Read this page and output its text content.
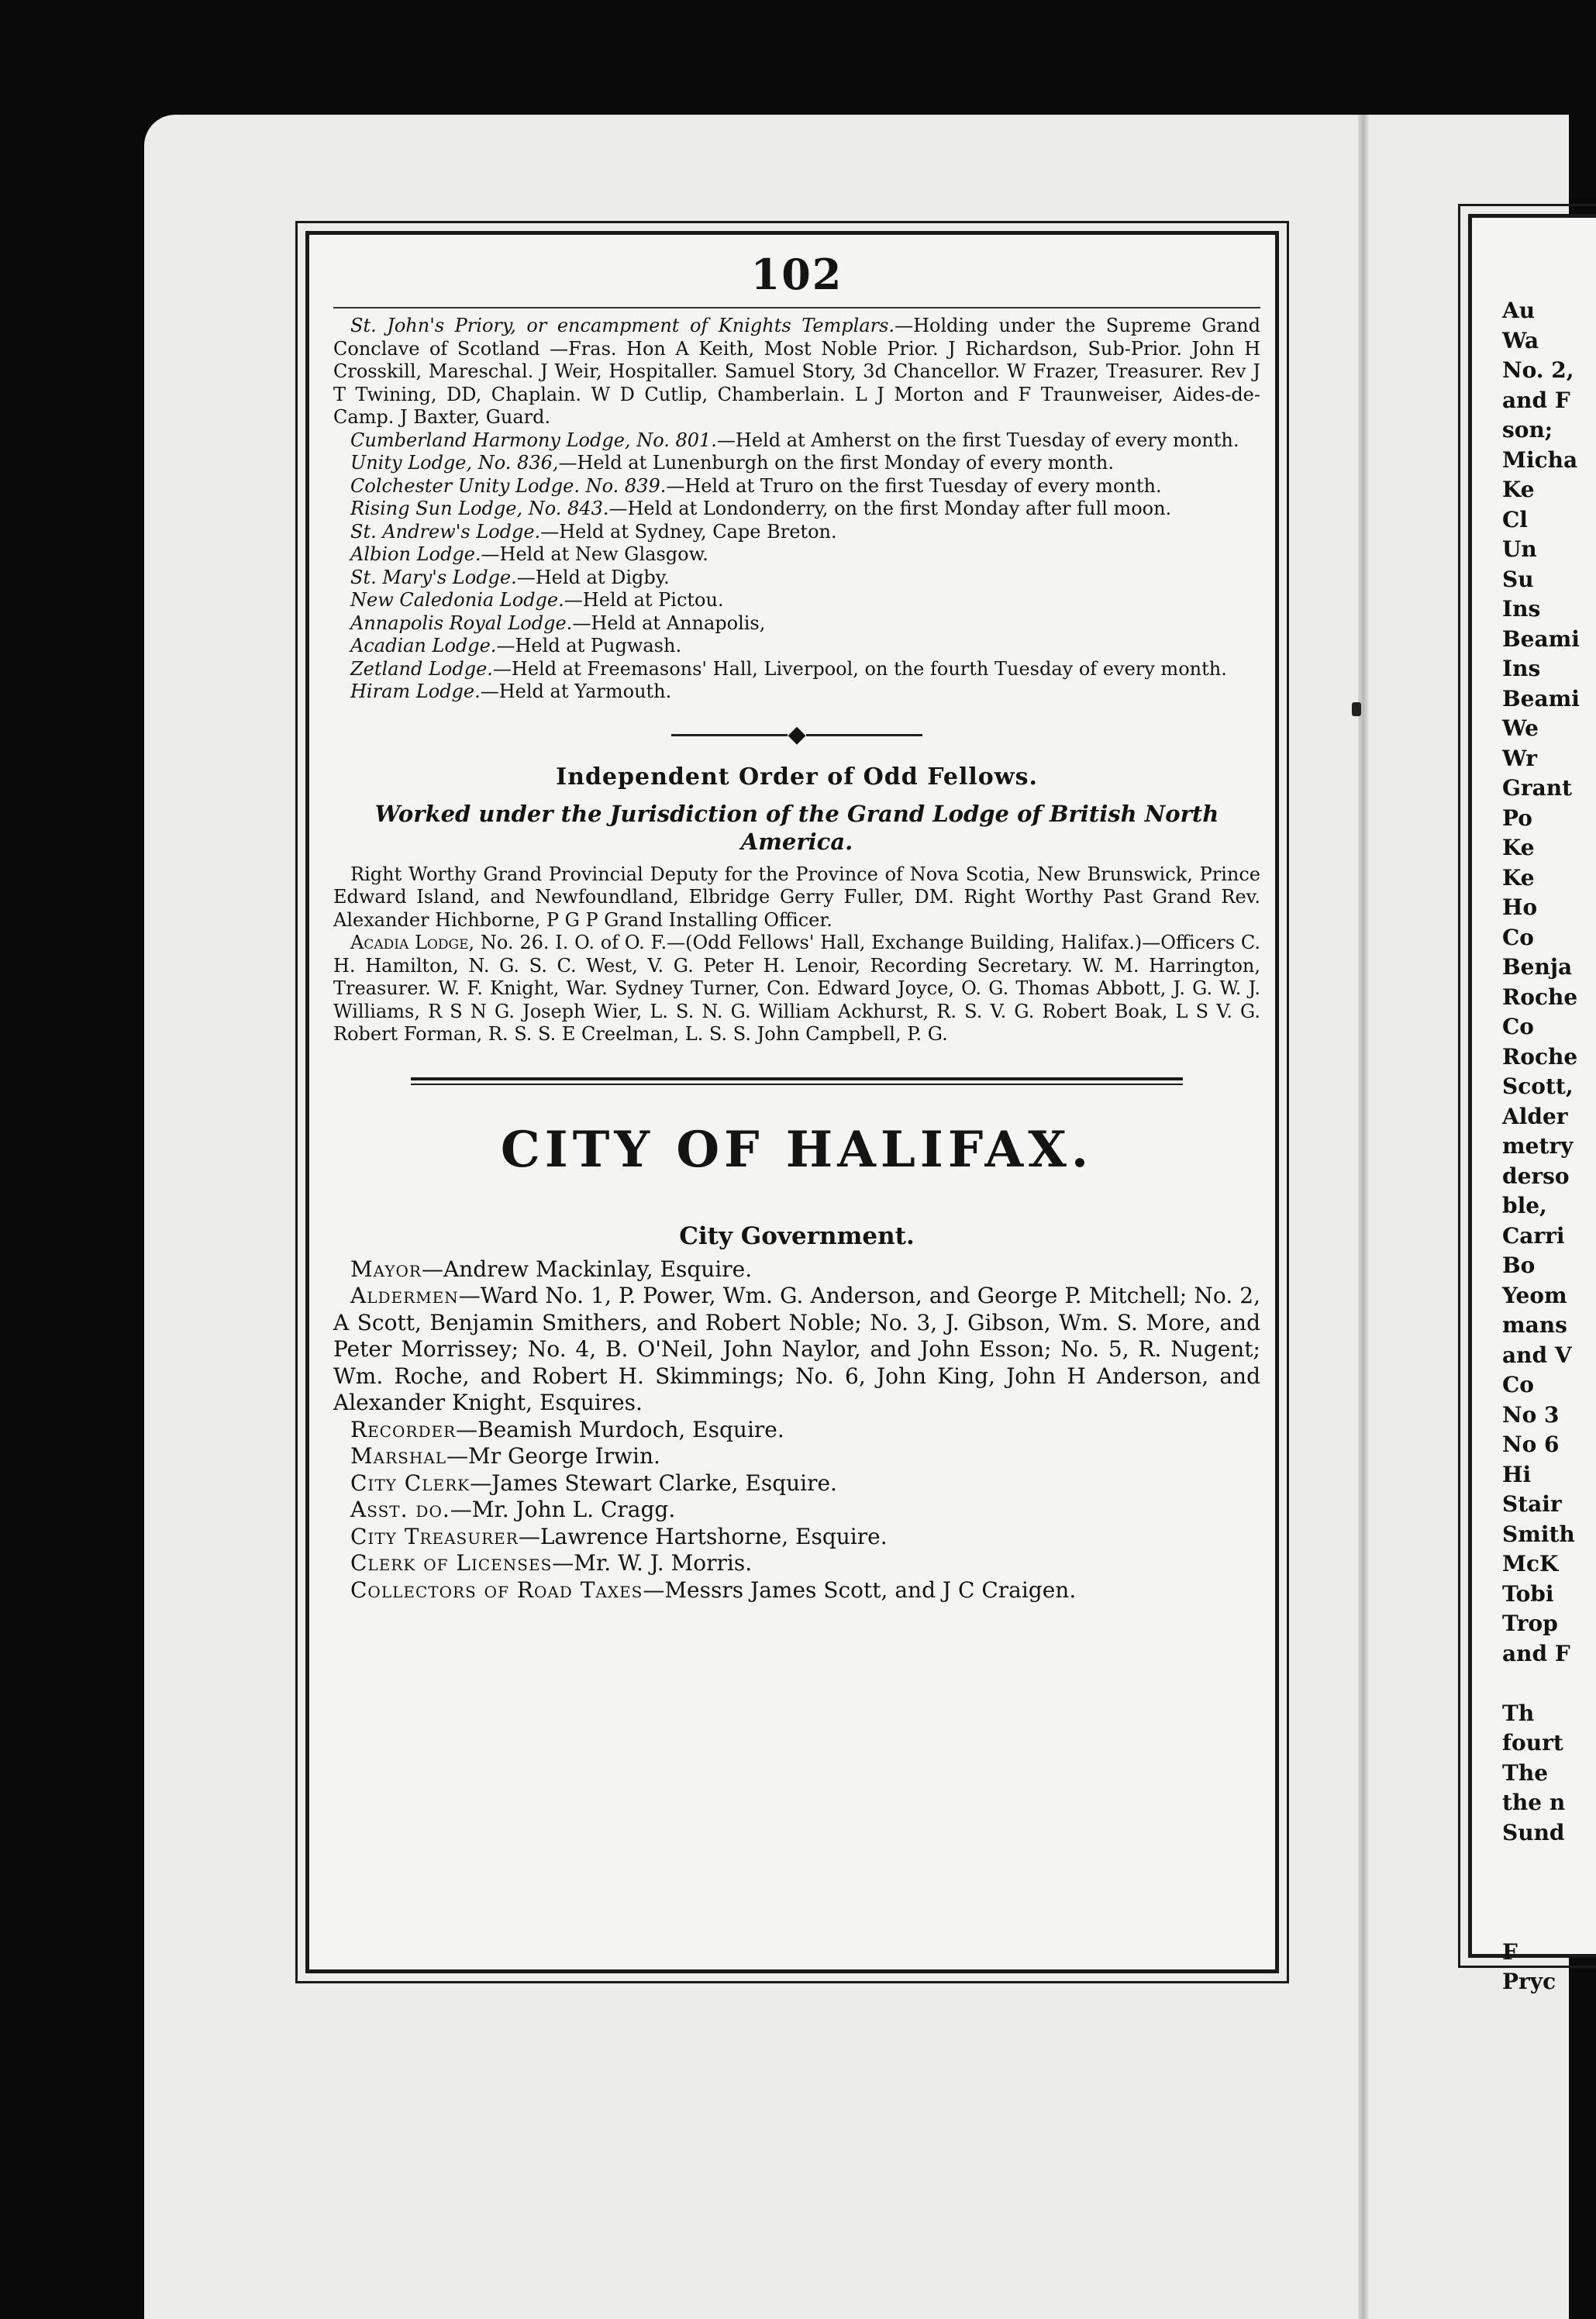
102

St. John's Priory, or encampment of Knights Templars.—Holding under the Supreme Grand Conclave of Scotland —Fras. Hon A Keith, Most Noble Prior. J Richardson, Sub-Prior. John H Crosskill, Mareschal. J Weir, Hospitaller. Samuel Story, 3d Chancellor. W Frazer, Treasurer. Rev J T Twining, DD, Chaplain. W D Cutlip, Chamberlain. L J Morton and F Traunweiser, Aides-de-Camp. J Baxter, Guard.

Cumberland Harmony Lodge, No. 801.—Held at Amherst on the first Tuesday of every month.

Unity Lodge, No. 836,—Held at Lunenburgh on the first Monday of every month.

Colchester Unity Lodge. No. 839.—Held at Truro on the first Tuesday of every month.

Rising Sun Lodge, No. 843.—Held at Londonderry, on the first Monday after full moon.

St. Andrew's Lodge.—Held at Sydney, Cape Breton.

Albion Lodge.—Held at New Glasgow.

St. Mary's Lodge.—Held at Digby.

New Caledonia Lodge.—Held at Pictou.

Annapolis Royal Lodge.—Held at Annapolis,

Acadian Lodge.—Held at Pugwash.

Zetland Lodge.—Held at Freemasons' Hall, Liverpool, on the fourth Tuesday of every month.

Hiram Lodge.—Held at Yarmouth.

◆
Independent Order of Odd Fellows.
Worked under the Jurisdiction of the Grand Lodge of British North America.

Right Worthy Grand Provincial Deputy for the Province of Nova Scotia, New Brunswick, Prince Edward Island, and Newfoundland, Elbridge Gerry Fuller, DM. Right Worthy Past Grand Rev. Alexander Hichborne, P G P Grand Installing Officer.

Acadia Lodge, No. 26. I. O. of O. F.—(Odd Fellows' Hall, Exchange Building, Halifax.)—Officers C. H. Hamilton, N. G. S. C. West, V. G. Peter H. Lenoir, Recording Secretary. W. M. Harrington, Treasurer. W. F. Knight, War. Sydney Turner, Con. Edward Joyce, O. G. Thomas Abbott, J. G. W. J. Williams, R S N G. Joseph Wier, L. S. N. G. William Ackhurst, R. S. V. G. Robert Boak, L S V. G. Robert Forman, R. S. S. E Creelman, L. S. S. John Campbell, P. G.

CITY OF HALIFAX.
City Government.

Mayor—Andrew Mackinlay, Esquire.

Aldermen—Ward No. 1, P. Power, Wm. G. Anderson, and George P. Mitchell; No. 2, A Scott, Benjamin Smithers, and Robert Noble; No. 3, J. Gibson, Wm. S. More, and Peter Morrissey; No. 4, B. O'Neil, John Naylor, and John Esson; No. 5, R. Nugent; Wm. Roche, and Robert H. Skimmings; No. 6, John King, John H Anderson, and Alexander Knight, Esquires.

Recorder—Beamish Murdoch, Esquire.

Marshal—Mr George Irwin.

City Clerk—James Stewart Clarke, Esquire.

Asst. do.—Mr. John L. Cragg.

City Treasurer—Lawrence Hartshorne, Esquire.

Clerk of Licenses—Mr. W. J. Morris.

Collectors of Road Taxes—Messrs James Scott, and J C Craigen.

Au
Wa
No. 2,
and F
son;
Micha
Ke
Cl
Un
Su
Ins
Beami
Ins
Beami
We
Wr
Grant
Po
Ke
Ke
Ho
Co
Benja
Roche
Co
Roche
Scott,
Alder
metry
derso
ble,
Carri
Bo
Yeom
mans
and V
Co
No 3
No 6
Hi
Stair
Smith
McK
Tobi
Trop
and F
Th
fourt
The
the n
Sund
F
Pryc
